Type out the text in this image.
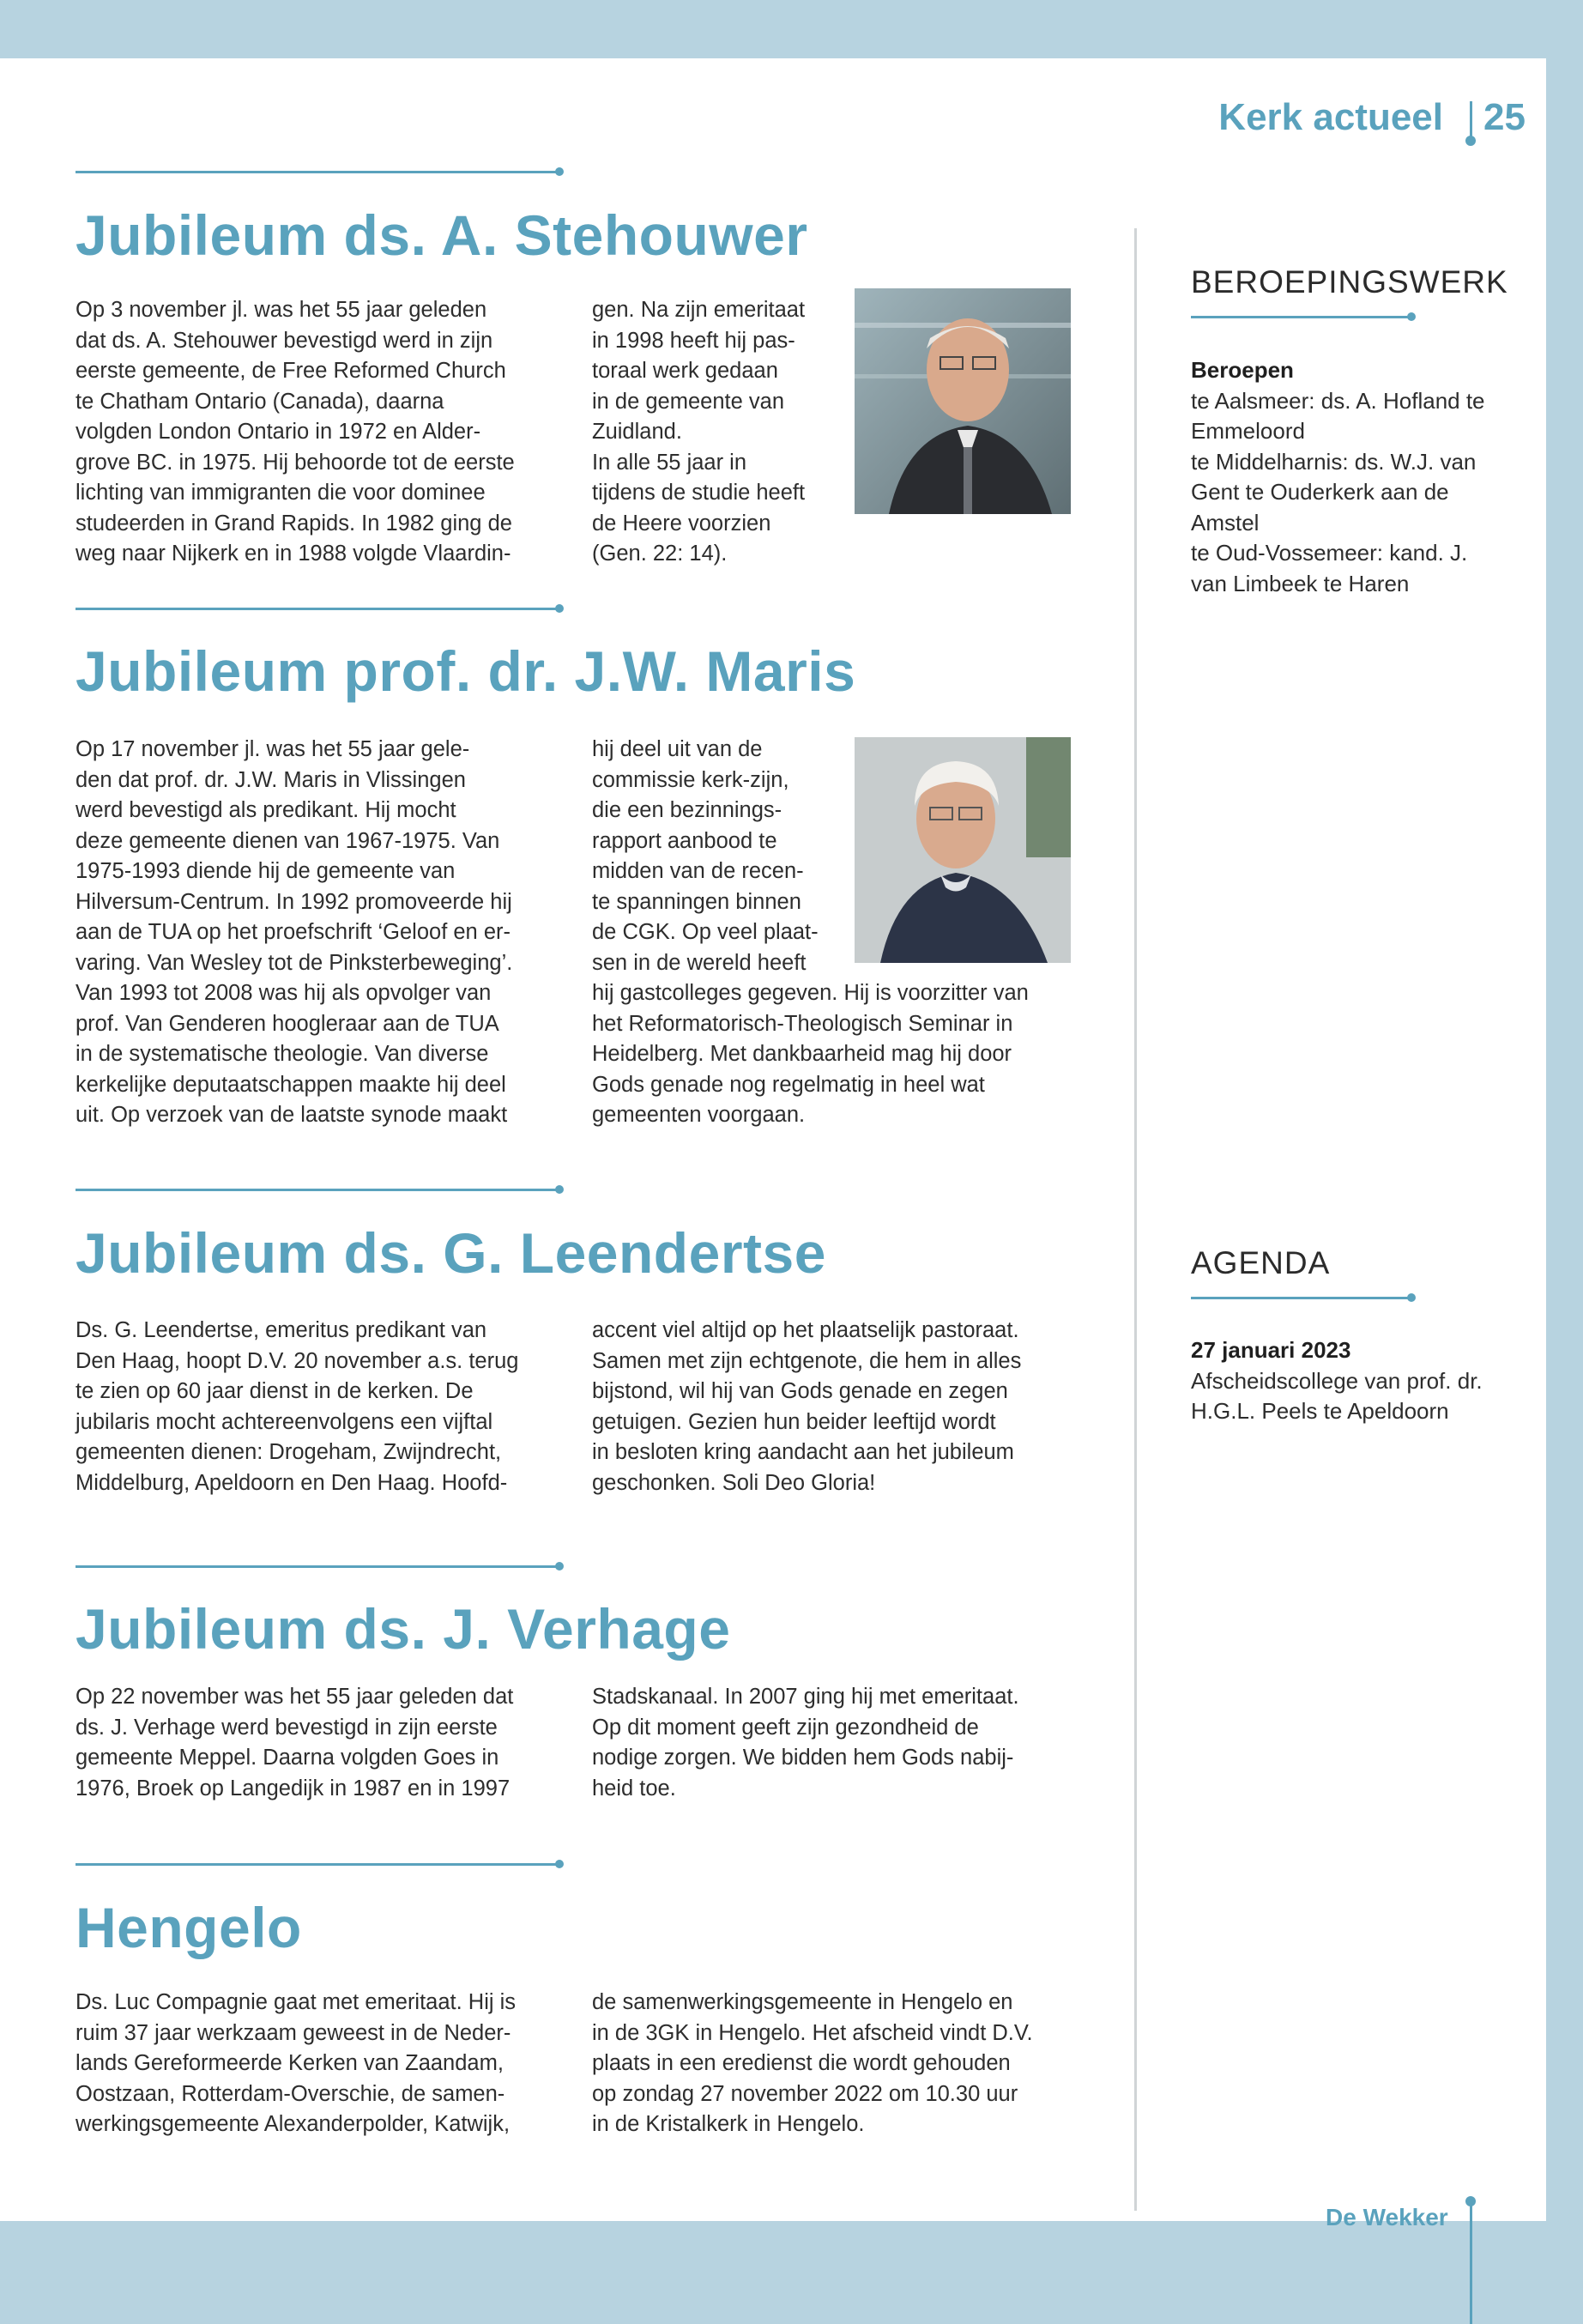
Kerk actueel 25
Jubileum ds. A. Stehouwer

Op 3 november jl. was het 55 jaar geleden

dat ds. A. Stehouwer bevestigd werd in zijn

eerste gemeente, de Free Reformed Church

te Chatham Ontario (Canada), daarna

volgden London Ontario in 1972 en Alder-

grove BC. in 1975. Hij behoorde tot de eerste

lichting van immigranten die voor dominee

studeerden in Grand Rapids. In 1982 ging de

weg naar Nijkerk en in 1988 volgde Vlaardin-

gen. Na zijn emeritaat

in 1998 heeft hij pas-

toraal werk gedaan

in de gemeente van

Zuidland.

In alle 55 jaar in

tijdens de studie heeft

de Heere voorzien

(Gen. 22: 14).

Jubileum prof. dr. J.W. Maris

Op 17 november jl. was het 55 jaar gele-

den dat prof. dr. J.W. Maris in Vlissingen

werd bevestigd als predikant. Hij mocht

deze gemeente dienen van 1967-1975. Van

1975-1993 diende hij de gemeente van

Hilversum-Centrum. In 1992 promoveerde hij

aan de TUA op het proefschrift ‘Geloof en er-

varing. Van Wesley tot de Pinksterbeweging’.

Van 1993 tot 2008 was hij als opvolger van

prof. Van Genderen hoogleraar aan de TUA

in de systematische theologie. Van diverse

kerkelijke deputaatschappen maakte hij deel

uit. Op verzoek van de laatste synode maakt

hij deel uit van de

commissie kerk-zijn,

die een bezinnings-

rapport aanbood te

midden van de recen-

te spanningen binnen

de CGK. Op veel plaat-

sen in de wereld heeft

hij gastcolleges gegeven. Hij is voorzitter van

het Reformatorisch-Theologisch Seminar in

Heidelberg. Met dankbaarheid mag hij door

Gods genade nog regelmatig in heel wat

gemeenten voorgaan.

Jubileum ds. G. Leendertse

Ds. G. Leendertse, emeritus predikant van

Den Haag, hoopt D.V. 20 november a.s. terug

te zien op 60 jaar dienst in de kerken. De

jubilaris mocht achtereenvolgens een vijftal

gemeenten dienen: Drogeham, Zwijndrecht,

Middelburg, Apeldoorn en Den Haag. Hoofd-

accent viel altijd op het plaatselijk pastoraat.

Samen met zijn echtgenote, die hem in alles

bijstond, wil hij van Gods genade en zegen

getuigen. Gezien hun beider leeftijd wordt

in besloten kring aandacht aan het jubileum

geschonken. Soli Deo Gloria!

Jubileum ds. J. Verhage

Op 22 november was het 55 jaar geleden dat

ds. J. Verhage werd bevestigd in zijn eerste

gemeente Meppel. Daarna volgden Goes in

1976, Broek op Langedijk in 1987 en in 1997

Stadskanaal. In 2007 ging hij met emeritaat.

Op dit moment geeft zijn gezondheid de

nodige zorgen. We bidden hem Gods nabij-

heid toe.

Hengelo

Ds. Luc Compagnie gaat met emeritaat. Hij is

ruim 37 jaar werkzaam geweest in de Neder-

lands Gereformeerde Kerken van Zaandam,

Oostzaan, Rotterdam-Overschie, de samen-

werkingsgemeente Alexanderpolder, Katwijk,

de samenwerkingsgemeente in Hengelo en

in de 3GK in Hengelo. Het afscheid vindt D.V.

plaats in een eredienst die wordt gehouden

op zondag 27 november 2022 om 10.30 uur

in de Kristalkerk in Hengelo.

BEROEPINGSWERK
Beroepen
te Aalsmeer: ds. A. Hofland te
Emmeloord
te Middelharnis: ds. W.J. van
Gent te Ouderkerk aan de
Amstel
te Oud-Vossemeer: kand. J.
van Limbeek te Haren
AGENDA
27 januari 2023
Afscheidscollege van prof. dr.
H.G.L. Peels te Apeldoorn
De Wekker
